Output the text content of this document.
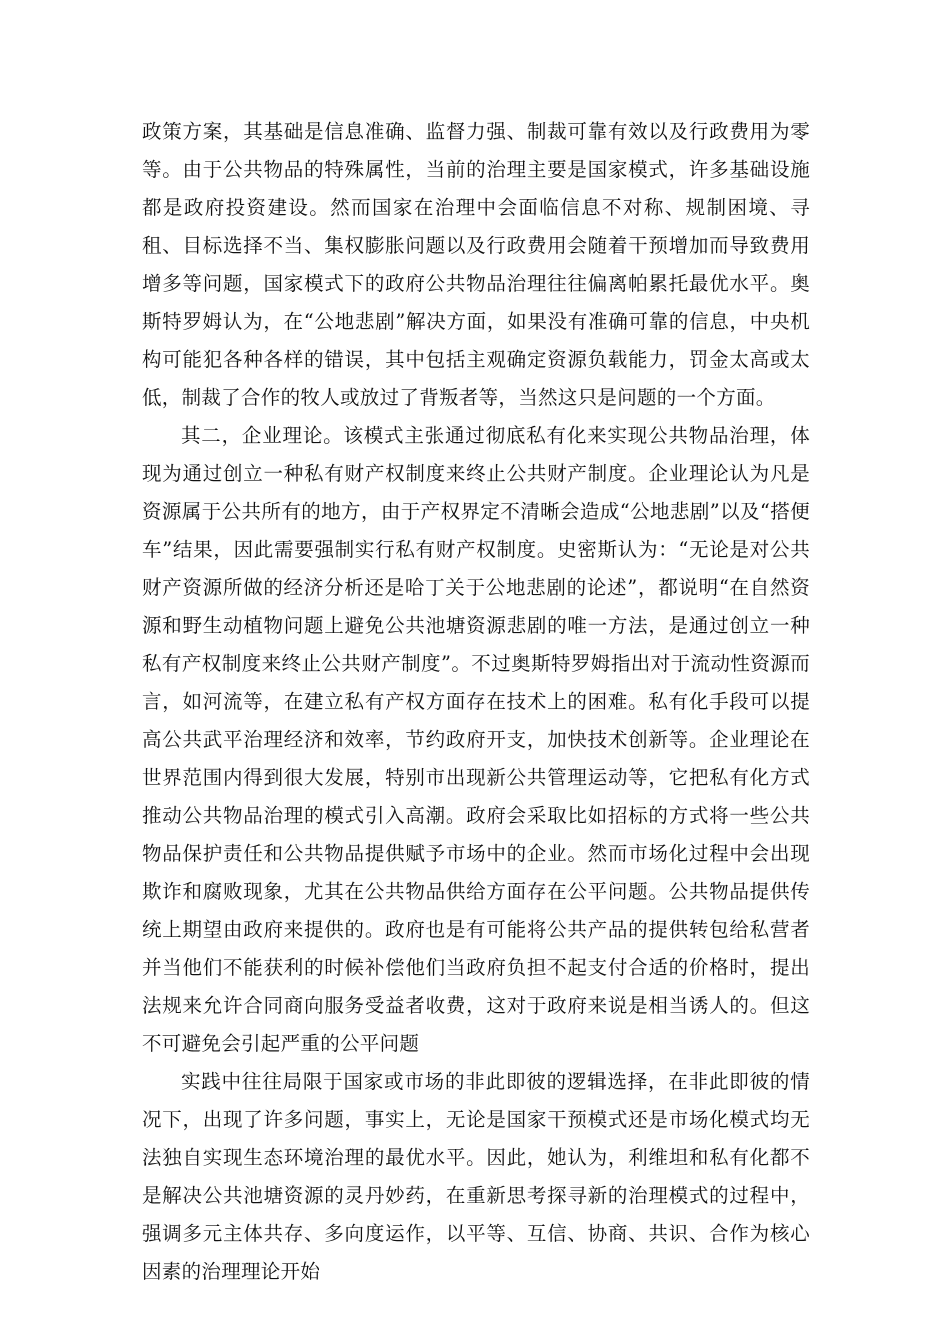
政策方案，其基础是信息准确、监督力强、制裁可靠有效以及行政费用为零等。由于公共物品的特殊属性，当前的治理主要是国家模式，许多基础设施都是政府投资建设。然而国家在治理中会面临信息不对称、规制困境、寻租、目标选择不当、集权膨胀问题以及行政费用会随着干预增加而导致费用增多等问题，国家模式下的政府公共物品治理往往偏离帕累托最优水平。奥斯特罗姆认为，在“公地悲剧”解决方面，如果没有准确可靠的信息，中央机构可能犯各种各样的错误，其中包括主观确定资源负载能力，罚金太高或太低，制裁了合作的牧人或放过了背叛者等，当然这只是问题的一个方面。

其二，企业理论。该模式主张通过彻底私有化来实现公共物品治理，体现为通过创立一种私有财产权制度来终止公共财产制度。企业理论认为凡是资源属于公共所有的地方，由于产权界定不清晰会造成“公地悲剧”以及“搭便车”结果，因此需要强制实行私有财产权制度。史密斯认为：“无论是对公共财产资源所做的经济分析还是哈丁关于公地悲剧的论述”，都说明“在自然资源和野生动植物问题上避免公共池塘资源悲剧的唯一方法，是通过创立一种私有产权制度来终止公共财产制度”。不过奥斯特罗姆指出对于流动性资源而言，如河流等，在建立私有产权方面存在技术上的困难。私有化手段可以提高公共武平治理经济和效率，节约政府开支，加快技术创新等。企业理论在世界范围内得到很大发展，特别市出现新公共管理运动等，它把私有化方式推动公共物品治理的模式引入高潮。政府会采取比如招标的方式将一些公共物品保护责任和公共物品提供赋予市场中的企业。然而市场化过程中会出现欺诈和腐败现象，尤其在公共物品供给方面存在公平问题。公共物品提供传统上期望由政府来提供的。政府也是有可能将公共产品的提供转包给私营者并当他们不能获利的时候补偿他们当政府负担不起支付合适的价格时，提出法规来允许合同商向服务受益者收费，这对于政府来说是相当诱人的。但这不可避免会引起严重的公平问题

实践中往往局限于国家或市场的非此即彼的逻辑选择，在非此即彼的情况下，出现了许多问题，事实上，无论是国家干预模式还是市场化模式均无法独自实现生态环境治理的最优水平。因此，她认为，利维坦和私有化都不是解决公共池塘资源的灵丹妙药，在重新思考探寻新的治理模式的过程中，强调多元主体共存、多向度运作，以平等、互信、协商、共识、合作为核心因素的治理理论开始
